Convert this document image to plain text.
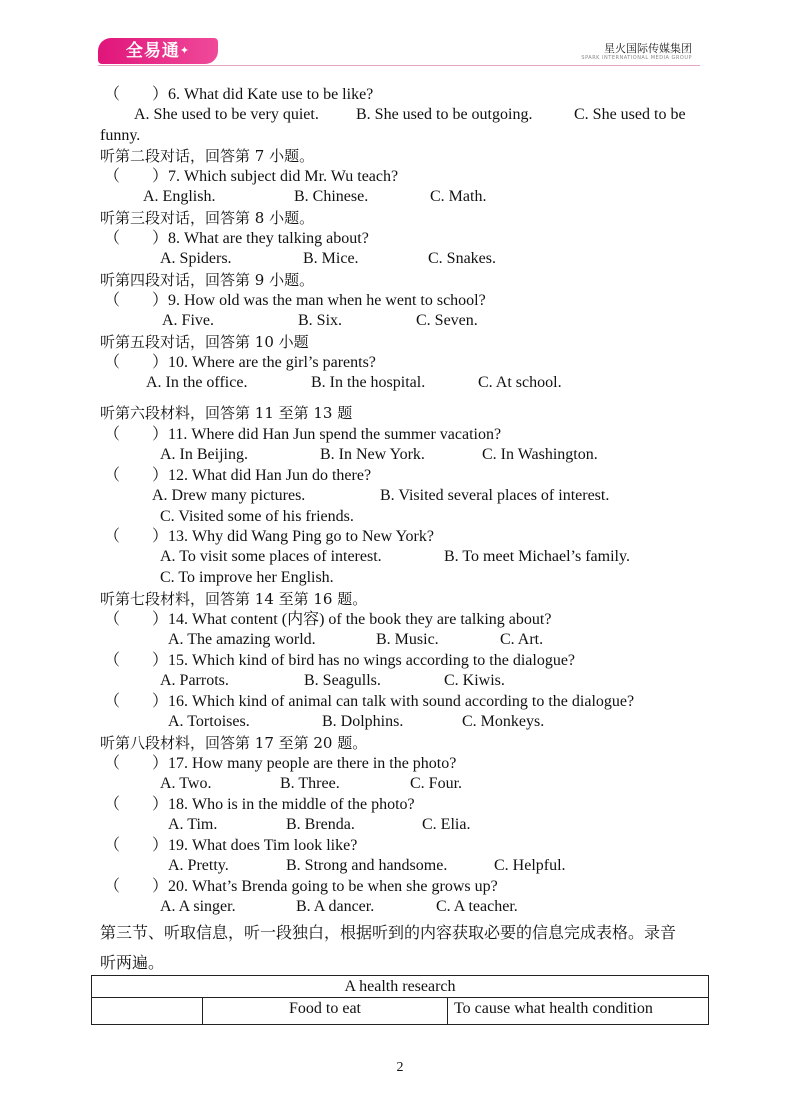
全易通✦	星火国际传媒集团
SPARK INTERNATIONAL MEDIA GROUP
（　　）6. What did Kate use to be like?
A. She used to be very quiet. B. She used to be outgoing.	C. She used to be
funny.
听第二段对话，回答第 7 小题。
（　　）7. Which subject did Mr. Wu teach?
A. English.	B. Chinese.	C. Math.
听第三段对话，回答第 8 小题。
（　　）8. What are they talking about?
A. Spiders.	B. Mice.	C. Snakes.
听第四段对话，回答第 9 小题。
（　　）9. How old was the man when he went to school?
A. Five.	B. Six.	C. Seven.
听第五段对话，回答第 10 小题
（　　）10. Where are the girl’s parents?
A. In the office.	B. In the hospital.	C. At school.
听第六段材料，回答第 11 至第 13 题
（　　）11. Where did Han Jun spend the summer vacation?
A. In Beijing.	B. In New York.	C. In Washington.
（　　）12. What did Han Jun do there?
A. Drew many pictures.	B. Visited several places of interest.
C. Visited some of his friends.
（　　）13. Why did Wang Ping go to New York?
A. To visit some places of interest.	B. To meet Michael’s family.
C. To improve her English.
听第七段材料，回答第 14 至第 16 题。
（　　）14. What content (内容) of the book they are talking about?
A. The amazing world.	B. Music.	C. Art.
（　　）15. Which kind of bird has no wings according to the dialogue?
A. Parrots.	B. Seagulls.	C. Kiwis.
（　　）16. Which kind of animal can talk with sound according to the dialogue?
A. Tortoises.	B. Dolphins.	C. Monkeys.
听第八段材料，回答第 17 至第 20 题。
（　　）17. How many people are there in the photo?
A. Two.	B. Three.	C. Four.
（　　）18. Who is in the middle of the photo?
A. Tim.	B. Brenda.	C. Elia.
（　　）19. What does Tim look like?
A. Pretty.	B. Strong and handsome.	C. Helpful.
（　　）20. What’s Brenda going to be when she grows up?
A. A singer.	B. A dancer.	C. A teacher.
第三节、听取信息，听一段独白，根据听到的内容获取必要的信息完成表格。录音
听两遍。
A health research
	Food to eat	To cause what health condition
2
